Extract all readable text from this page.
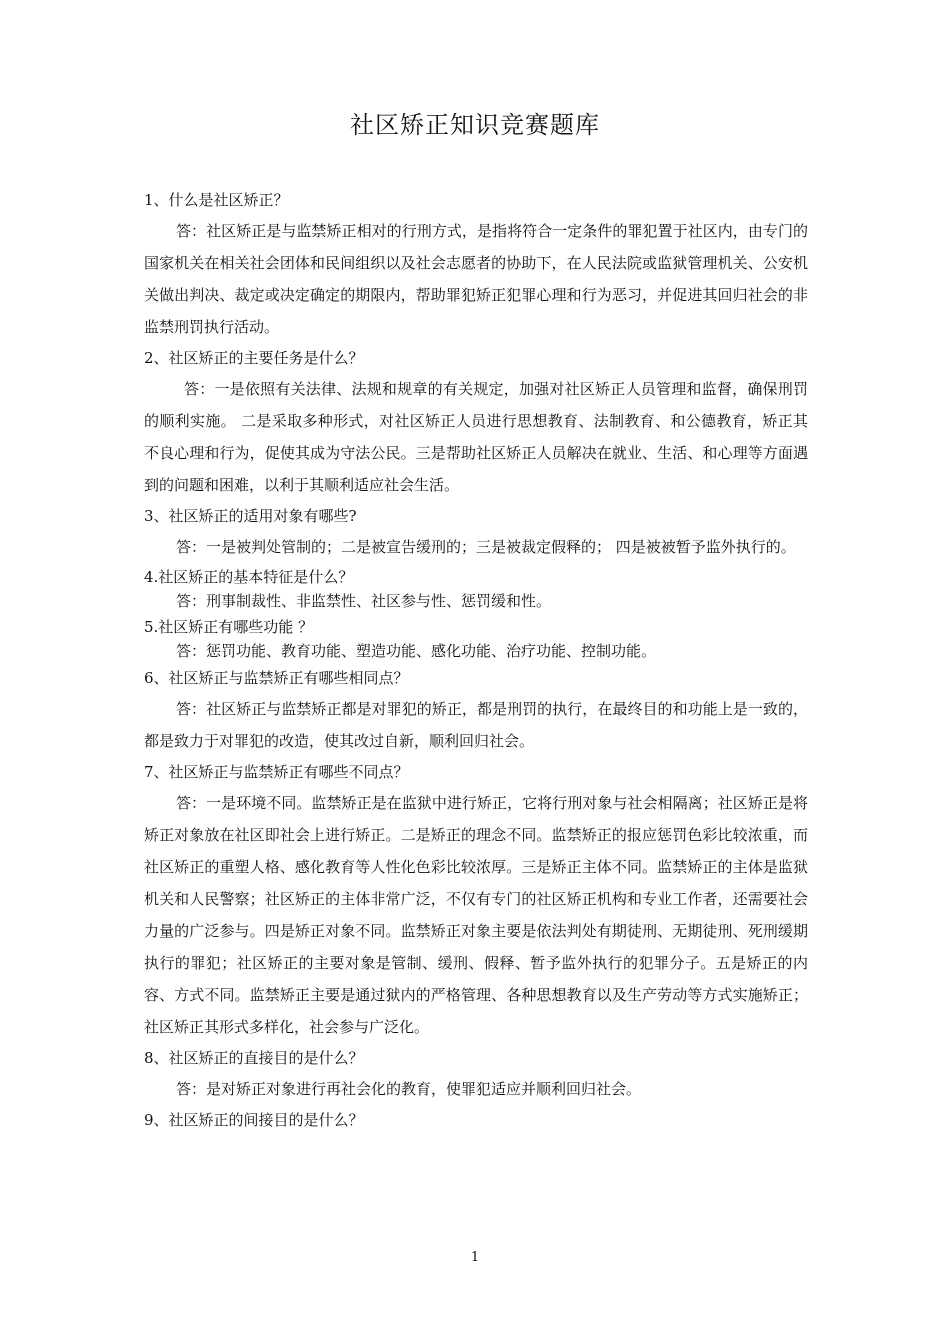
社区矫正知识竞赛题库

1、什么是社区矫正？

答：社区矫正是与监禁矫正相对的行刑方式，是指将符合一定条件的罪犯置于社区内，由专门的国家机关在相关社会团体和民间组织以及社会志愿者的协助下，在人民法院或监狱管理机关、公安机关做出判决、裁定或决定确定的期限内，帮助罪犯矫正犯罪心理和行为恶习，并促进其回归社会的非监禁刑罚执行活动。

2、社区矫正的主要任务是什么？

答：一是依照有关法律、法规和规章的有关规定，加强对社区矫正人员管理和监督，确保刑罚的顺利实施。 二是采取多种形式，对社区矫正人员进行思想教育、法制教育、和公德教育，矫正其不良心理和行为，促使其成为守法公民。三是帮助社区矫正人员解决在就业、生活、和心理等方面遇到的问题和困难，以利于其顺利适应社会生活。

3、社区矫正的适用对象有哪些?

答：一是被判处管制的；二是被宣告缓刑的；三是被裁定假释的； 四是被被暂予监外执行的。

4.社区矫正的基本特征是什么？

答：刑事制裁性、非监禁性、社区参与性、惩罚缓和性。

5.社区矫正有哪些功能 ？

答：惩罚功能、教育功能、塑造功能、感化功能、治疗功能、控制功能。

6、社区矫正与监禁矫正有哪些相同点？

答：社区矫正与监禁矫正都是对罪犯的矫正，都是刑罚的执行，在最终目的和功能上是一致的，都是致力于对罪犯的改造，使其改过自新，顺利回归社会。

7、社区矫正与监禁矫正有哪些不同点？

答：一是环境不同。监禁矫正是在监狱中进行矫正，它将行刑对象与社会相隔离；社区矫正是将矫正对象放在社区即社会上进行矫正。二是矫正的理念不同。监禁矫正的报应惩罚色彩比较浓重，而社区矫正的重塑人格、感化教育等人性化色彩比较浓厚。三是矫正主体不同。监禁矫正的主体是监狱机关和人民警察；社区矫正的主体非常广泛，不仅有专门的社区矫正机构和专业工作者，还需要社会力量的广泛参与。四是矫正对象不同。监禁矫正对象主要是依法判处有期徒刑、无期徒刑、死刑缓期执行的罪犯；社区矫正的主要对象是管制、缓刑、假释、暂予监外执行的犯罪分子。五是矫正的内容、方式不同。监禁矫正主要是通过狱内的严格管理、各种思想教育以及生产劳动等方式实施矫正；社区矫正其形式多样化，社会参与广泛化。

8、社区矫正的直接目的是什么？

答：是对矫正对象进行再社会化的教育，使罪犯适应并顺利回归社会。

9、社区矫正的间接目的是什么？

1
